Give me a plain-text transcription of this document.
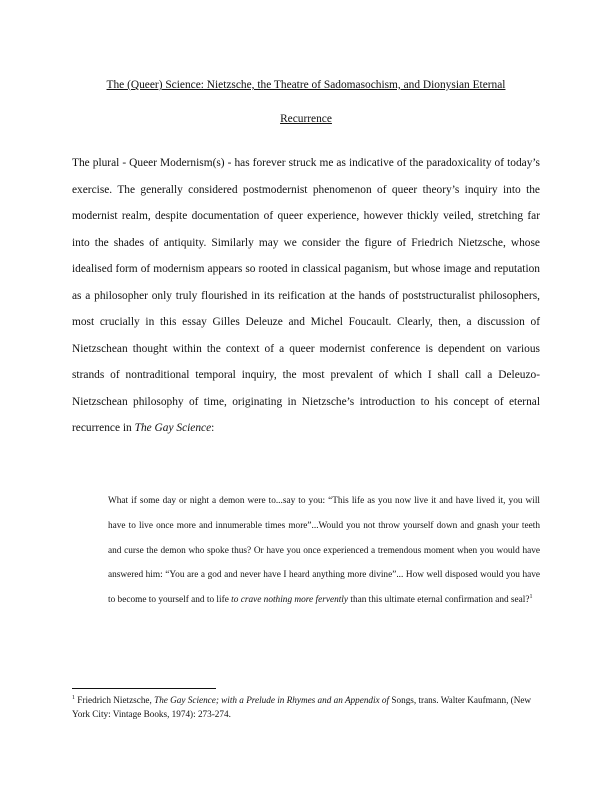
The (Queer) Science: Nietzsche, the Theatre of Sadomasochism, and Dionysian Eternal
Recurrence

The plural - Queer Modernism(s) - has forever struck me as indicative of the paradoxicality of today’s exercise. The generally considered postmodernist phenomenon of queer theory’s inquiry into the modernist realm, despite documentation of queer experience, however thickly veiled, stretching far into the shades of antiquity. Similarly may we consider the figure of Friedrich Nietzsche, whose idealised form of modernism appears so rooted in classical paganism, but whose image and reputation as a philosopher only truly flourished in its reification at the hands of poststructuralist philosophers, most crucially in this essay Gilles Deleuze and Michel Foucault. Clearly, then, a discussion of Nietzschean thought within the context of a queer modernist conference is dependent on various strands of nontraditional temporal inquiry, the most prevalent of which I shall call a Deleuzo-Nietzschean philosophy of time, originating in Nietzsche’s introduction to his concept of eternal recurrence in The Gay Science:

What if some day or night a demon were to...say to you: “This life as you now live it and have lived it, you will have to live once more and innumerable times more”...Would you not throw yourself down and gnash your teeth and curse the demon who spoke thus? Or have you once experienced a tremendous moment when you would have answered him: “You are a god and never have I heard anything more divine”... How well disposed would you have to become to yourself and to life to crave nothing more fervently than this ultimate eternal confirmation and seal?$^1$

$^1$ Friedrich Nietzsche, The Gay Science; with a Prelude in Rhymes and an Appendix of Songs, trans. Walter Kaufmann, (New York City: Vintage Books, 1974): 273-274.
